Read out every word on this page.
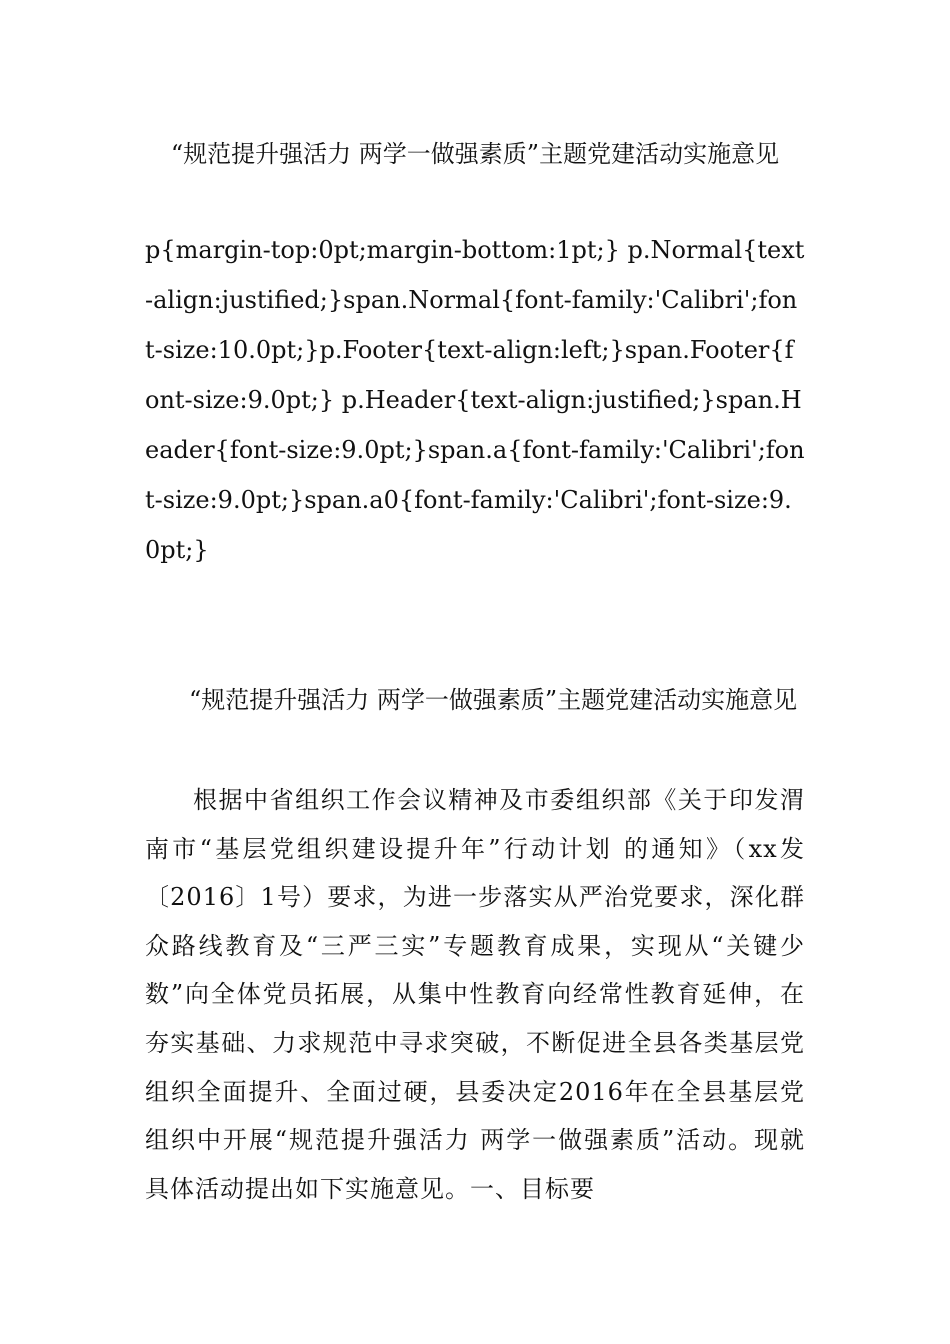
“规范提升强活力 两学一做强素质”主题党建活动实施意见

p{margin-top:0pt;margin-bottom:1pt;} p.Normal{text-align:justified;}span.Normal{font-family:'Calibri';font-size:10.0pt;}p.Footer{text-align:left;}span.Footer{font-size:9.0pt;} p.Header{text-align:justified;}span.Header{font-size:9.0pt;}span.a{font-family:'Calibri';font-size:9.0pt;}span.a0{font-family:'Calibri';font-size:9.0pt;}

“规范提升强活力 两学一做强素质”主题党建活动实施意见

根据中省组织工作会议精神及市委组织部《关于印发渭南市“基层党组织建设提升年”行动计划 的通知》（xx发〔2016〕1号）要求，为进一步落实从严治党要求，深化群众路线教育及“三严三实”专题教育成果，实现从“关键少数”向全体党员拓展，从集中性教育向经常性教育延伸，在夯实基础、力求规范中寻求突破，不断促进全县各类基层党组织全面提升、全面过硬，县委决定2016年在全县基层党组织中开展“规范提升强活力 两学一做强素质”活动。现就具体活动提出如下实施意见。一、目标要
